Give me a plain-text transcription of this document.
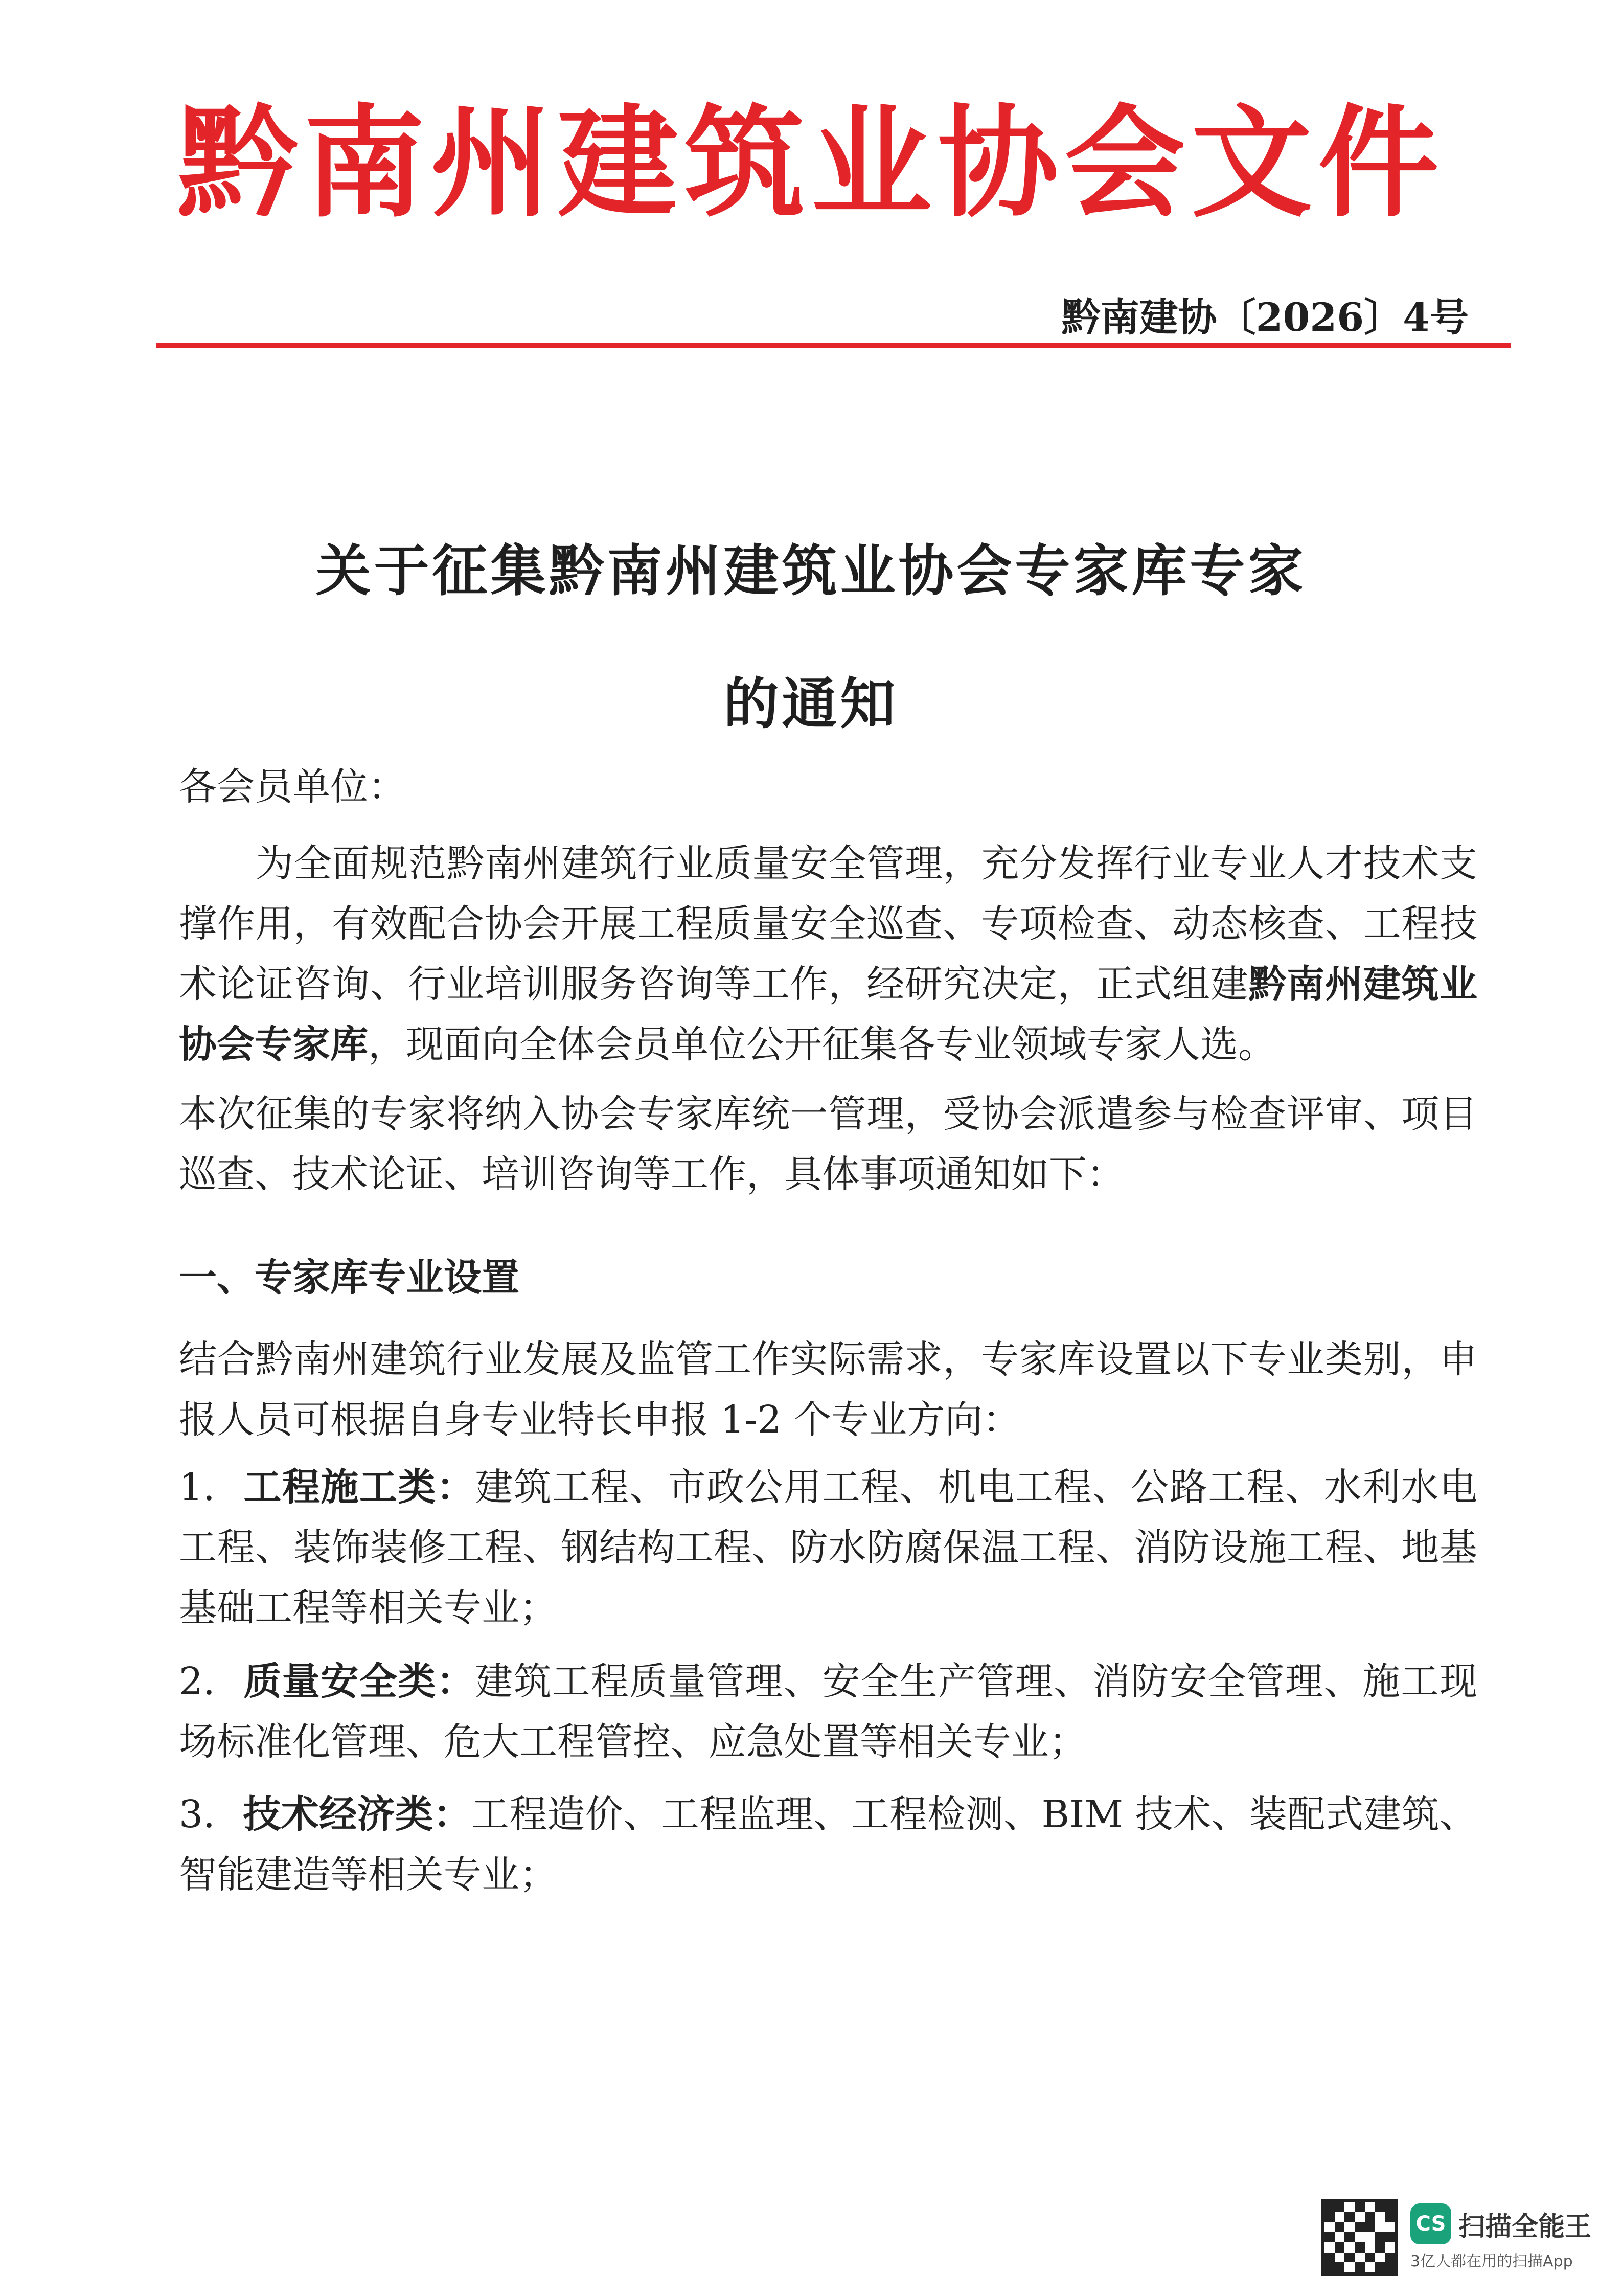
黔南州建筑业协会文件
黔南建协〔2026〕4号
关于征集黔南州建筑业协会专家库专家
的通知
各会员单位：
为全面规范黔南州建筑行业质量安全管理，充分发挥行业专业人才技术支撑作用，有效配合协会开展工程质量安全巡查、专项检查、动态核查、工程技术论证咨询、行业培训服务咨询等工作，经研究决定，正式组建黔南州建筑业协会专家库，现面向全体会员单位公开征集各专业领域专家人选。
本次征集的专家将纳入协会专家库统一管理，受协会派遣参与检查评审、项目巡查、技术论证、培训咨询等工作，具体事项通知如下：
一、专家库专业设置
结合黔南州建筑行业发展及监管工作实际需求，专家库设置以下专业类别，申报人员可根据自身专业特长申报 1-2 个专业方向：
1. 工程施工类：建筑工程、市政公用工程、机电工程、公路工程、水利水电工程、装饰装修工程、钢结构工程、防水防腐保温工程、消防设施工程、地基基础工程等相关专业；
2. 质量安全类：建筑工程质量管理、安全生产管理、消防安全管理、施工现场标准化管理、危大工程管控、应急处置等相关专业；
3. 技术经济类：工程造价、工程监理、工程检测、BIM 技术、装配式建筑、智能建造等相关专业；
CS 扫描全能王
3亿人都在用的扫描App
